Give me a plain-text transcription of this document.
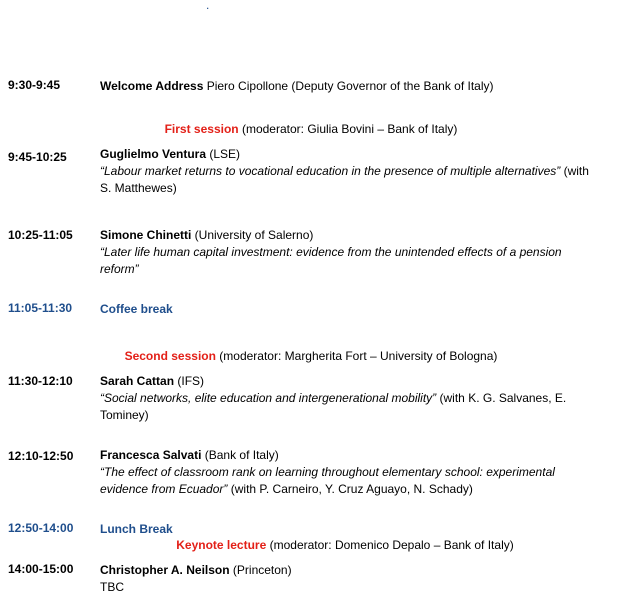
.
9:30-9:45	Welcome Address Piero Cipollone (Deputy Governor of the Bank of Italy)
First session (moderator: Giulia Bovini – Bank of Italy)
9:45-10:25	Guglielmo Ventura (LSE)
“Labour market returns to vocational education in the presence of multiple alternatives” (with S. Matthewes)
10:25-11:05 Simone Chinetti (University of Salerno)
“Later life human capital investment: evidence from the unintended effects of a pension reform”
11:05-11:30 Coffee break
Second session (moderator: Margherita Fort – University of Bologna)
11:30-12:10 Sarah Cattan (IFS)
“Social networks, elite education and intergenerational mobility” (with K. G. Salvanes, E. Tominey)
12:10-12:50 Francesca Salvati (Bank of Italy)
“The effect of classroom rank on learning throughout elementary school: experimental evidence from Ecuador” (with P. Carneiro, Y. Cruz Aguayo, N. Schady)
12:50-14:00 Lunch Break
Keynote lecture (moderator: Domenico Depalo – Bank of Italy)
14:00-15:00 Christopher A. Neilson (Princeton)
TBC
